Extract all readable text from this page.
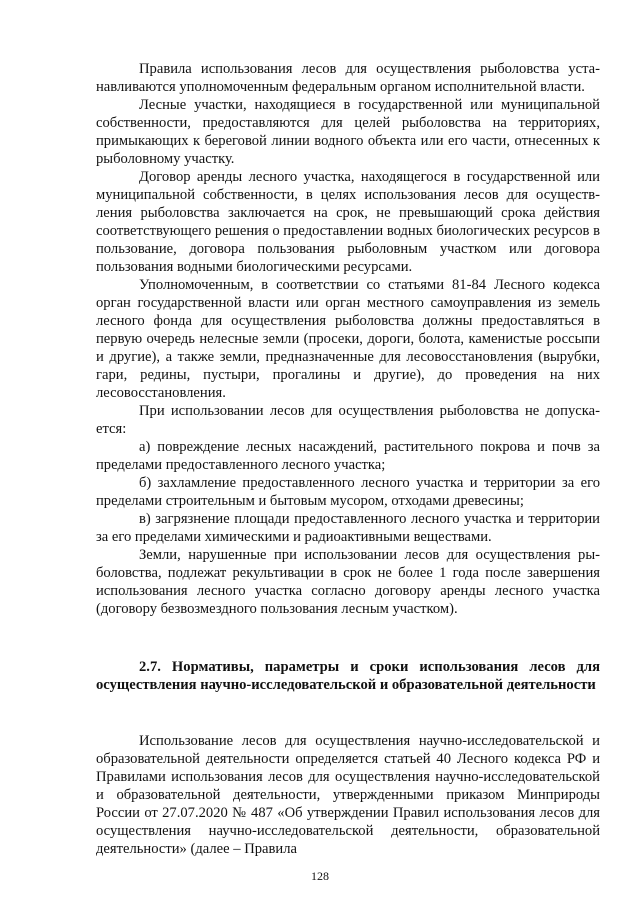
Правила использования лесов для осуществления рыболовства устанавливаются уполномоченным федеральным органом исполнительной власти.

Лесные участки, находящиеся в государственной или муниципальной собственности, предоставляются для целей рыболовства на территориях, примыкающих к береговой линии водного объекта или его части, отнесенных к рыболовному участку.

Договор аренды лесного участка, находящегося в государственной или муниципальной собственности, в целях использования лесов для осуществления рыболовства заключается на срок, не превышающий срока действия соответствующего решения о предоставлении водных биологических ресурсов в пользование, договора пользования рыболовным участком или договора пользования водными биологическими ресурсами.

Уполномоченным, в соответствии со статьями 81-84 Лесного кодекса орган государственной власти или орган местного самоуправления из земель лесного фонда для осуществления рыболовства должны предоставляться в первую очередь нелесные земли (просеки, дороги, болота, каменистые россыпи и другие), а также земли, предназначенные для лесовосстановления (вырубки, гари, редины, пустыри, прогалины и другие), до проведения на них лесовосстановления.

При использовании лесов для осуществления рыболовства не допускается:

а) повреждение лесных насаждений, растительного покрова и почв за пределами предоставленного лесного участка;

б) захламление предоставленного лесного участка и территории за его пределами строительным и бытовым мусором, отходами древесины;

в) загрязнение площади предоставленного лесного участка и территории за его пределами химическими и радиоактивными веществами.

Земли, нарушенные при использовании лесов для осуществления рыболовства, подлежат рекультивации в срок не более 1 года после завершения использования лесного участка согласно договору аренды лесного участка (договору безвозмездного пользования лесным участком).

2.7. Нормативы, параметры и сроки использования лесов для осуществления научно-исследовательской и образовательной деятельности

Использование лесов для осуществления научно-исследовательской и образовательной деятельности определяется статьей 40 Лесного кодекса РФ и Правилами использования лесов для осуществления научно-исследовательской и образовательной деятельности, утвержденными приказом Минприроды России от 27.07.2020 № 487 «Об утверждении Правил использования лесов для осуществления научно-исследовательской деятельности, образовательной деятельности» (далее – Правила

128
